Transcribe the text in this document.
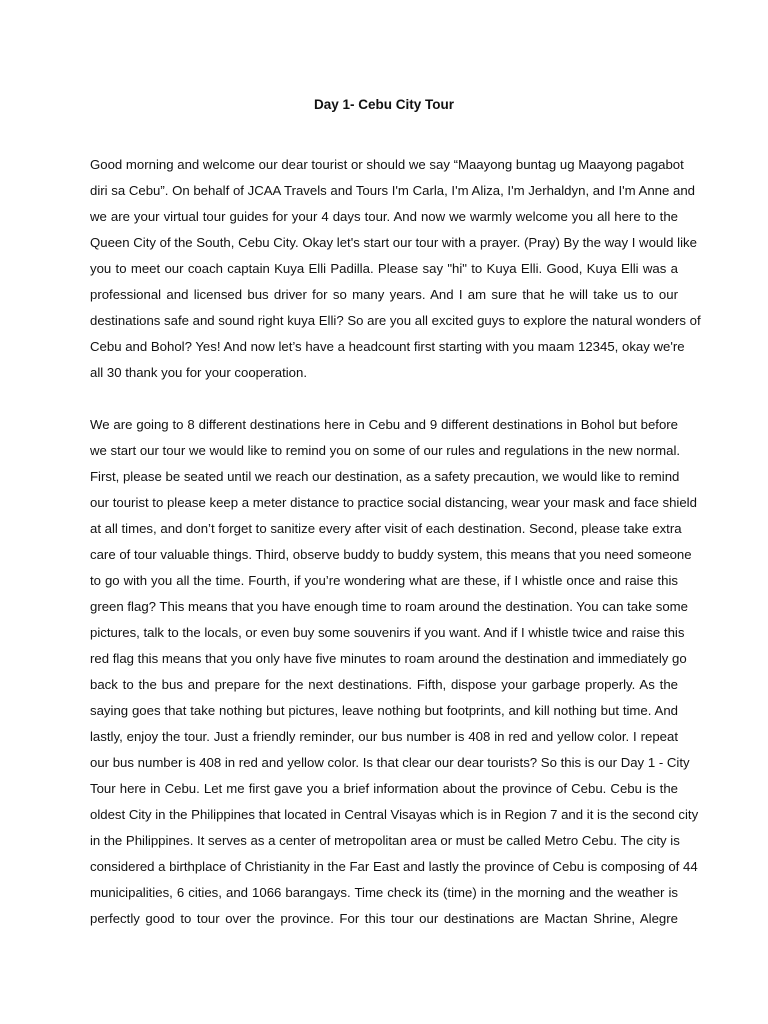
Day 1- Cebu City Tour
Good morning and welcome our dear tourist or should we say “Maayong buntag ug Maayong pagabot
diri sa Cebu”. On behalf of JCAA Travels and Tours I'm Carla, I'm Aliza, I'm Jerhaldyn, and I'm Anne and
we are your virtual tour guides for your 4 days tour. And now we warmly welcome you all here to the
Queen City of the South, Cebu City. Okay let's start our tour with a prayer. (Pray) By the way I would like
you to meet our coach captain Kuya Elli Padilla. Please say "hi" to Kuya Elli. Good, Kuya Elli was a
professional and licensed bus driver for so many years. And I am sure that he will take us to our
destinations safe and sound right kuya Elli? So are you all excited guys to explore the natural wonders of
Cebu and Bohol? Yes! And now let’s have a headcount first starting with you maam 12345, okay we're
all 30 thank you for your cooperation.
We are going to 8 different destinations here in Cebu and 9 different destinations in Bohol but before
we start our tour we would like to remind you on some of our rules and regulations in the new normal.
First, please be seated until we reach our destination, as a safety precaution, we would like to remind
our tourist to please keep a meter distance to practice social distancing, wear your mask and face shield
at all times, and don’t forget to sanitize every after visit of each destination. Second, please take extra
care of tour valuable things. Third, observe buddy to buddy system, this means that you need someone
to go with you all the time. Fourth, if you’re wondering what are these, if I whistle once and raise this
green flag? This means that you have enough time to roam around the destination. You can take some
pictures, talk to the locals, or even buy some souvenirs if you want. And if I whistle twice and raise this
red flag this means that you only have five minutes to roam around the destination and immediately go
back to the bus and prepare for the next destinations. Fifth, dispose your garbage properly. As the
saying goes that take nothing but pictures, leave nothing but footprints, and kill nothing but time. And
lastly, enjoy the tour. Just a friendly reminder, our bus number is 408 in red and yellow color. I repeat
our bus number is 408 in red and yellow color. Is that clear our dear tourists? So this is our Day 1 - City
Tour here in Cebu. Let me first gave you a brief information about the province of Cebu. Cebu is the
oldest City in the Philippines that located in Central Visayas which is in Region 7 and it is the second city
in the Philippines. It serves as a center of metropolitan area or must be called Metro Cebu. The city is
considered a birthplace of Christianity in the Far East and lastly the province of Cebu is composing of 44
municipalities, 6 cities, and 1066 barangays. Time check its (time) in the morning and the weather is
perfectly good to tour over the province. For this tour our destinations are Mactan Shrine, Alegre
